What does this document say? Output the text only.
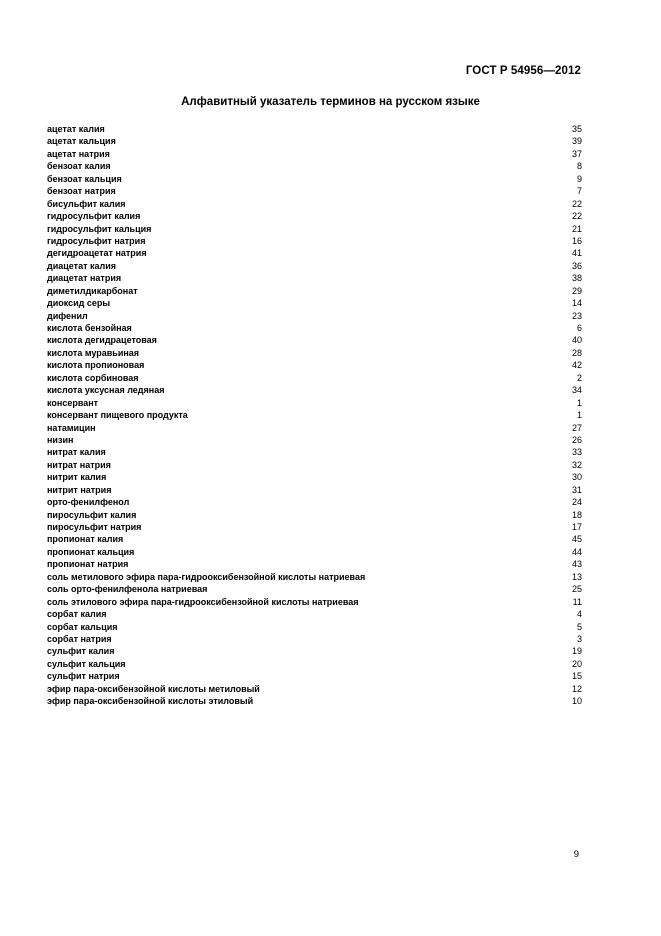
ГОСТ Р 54956—2012
Алфавитный указатель терминов на русском языке
ацетат калия	35
ацетат кальция	39
ацетат натрия	37
бензоат калия	8
бензоат кальция	9
бензоат натрия	7
бисульфит калия	22
гидросульфит калия	22
гидросульфит кальция	21
гидросульфит натрия	16
дегидроацетат натрия	41
диацетат калия	36
диацетат натрия	38
диметилдикарбонат	29
диоксид серы	14
дифенил	23
кислота бензойная	6
кислота дегидрацетовая	40
кислота муравьиная	28
кислота пропионовая	42
кислота сорбиновая	2
кислота уксусная ледяная	34
консервант	1
консервант пищевого продукта	1
натамицин	27
низин	26
нитрат калия	33
нитрат натрия	32
нитрит калия	30
нитрит натрия	31
орто-фенилфенол	24
пиросульфит калия	18
пиросульфит натрия	17
пропионат калия	45
пропионат кальция	44
пропионат натрия	43
соль метилового эфира пара-гидрооксибензойной кислоты натриевая	13
соль орто-фенилфенола натриевая	25
соль этилового эфира пара-гидрооксибензойной кислоты натриевая	11
сорбат калия	4
сорбат кальция	5
сорбат натрия	3
сульфит калия	19
сульфит кальция	20
сульфит натрия	15
эфир пара-оксибензойной кислоты метиловый	12
эфир пара-оксибензойной кислоты этиловый	10
9
